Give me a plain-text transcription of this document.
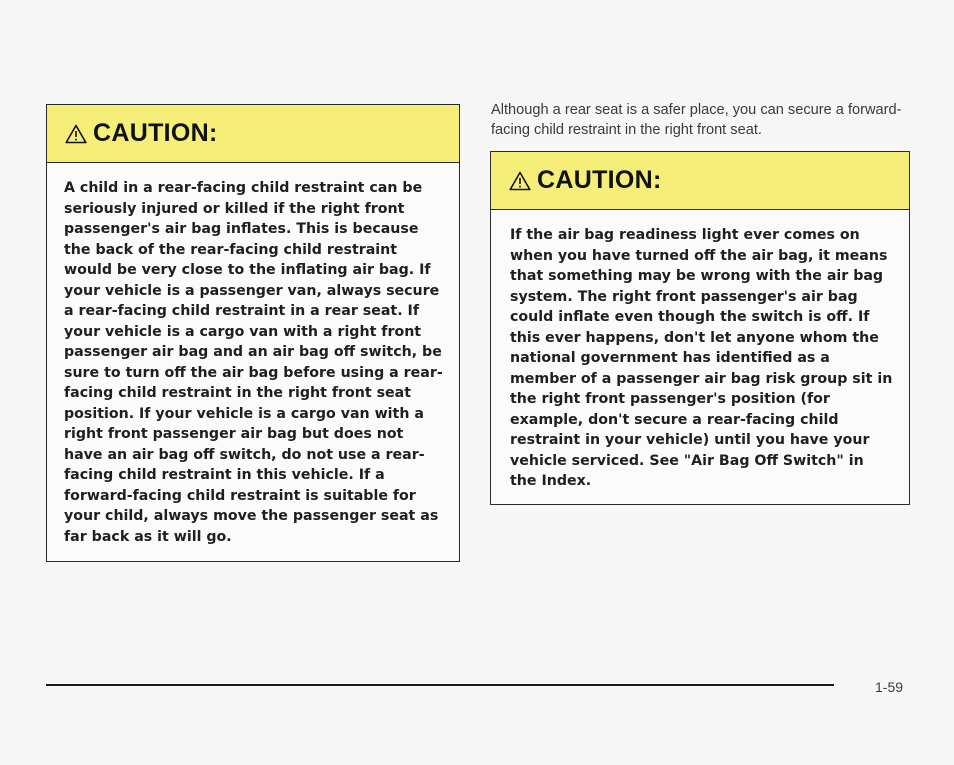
CAUTION:
A child in a rear-facing child restraint can be seriously injured or killed if the right front passenger's air bag inflates. This is because the back of the rear-facing child restraint would be very close to the inflating air bag. If your vehicle is a passenger van, always secure a rear-facing child restraint in a rear seat. If your vehicle is a cargo van with a right front passenger air bag and an air bag off switch, be sure to turn off the air bag before using a rear-facing child restraint in the right front seat position. If your vehicle is a cargo van with a right front passenger air bag but does not have an air bag off switch, do not use a rear-facing child restraint in this vehicle. If a forward-facing child restraint is suitable for your child, always move the passenger seat as far back as it will go.
Although a rear seat is a safer place, you can secure a forward-facing child restraint in the right front seat.
CAUTION:
If the air bag readiness light ever comes on when you have turned off the air bag, it means that something may be wrong with the air bag system. The right front passenger's air bag could inflate even though the switch is off. If this ever happens, don't let anyone whom the national government has identified as a member of a passenger air bag risk group sit in the right front passenger's position (for example, don't secure a rear-facing child restraint in your vehicle) until you have your vehicle serviced. See "Air Bag Off Switch" in the Index.
1-59
